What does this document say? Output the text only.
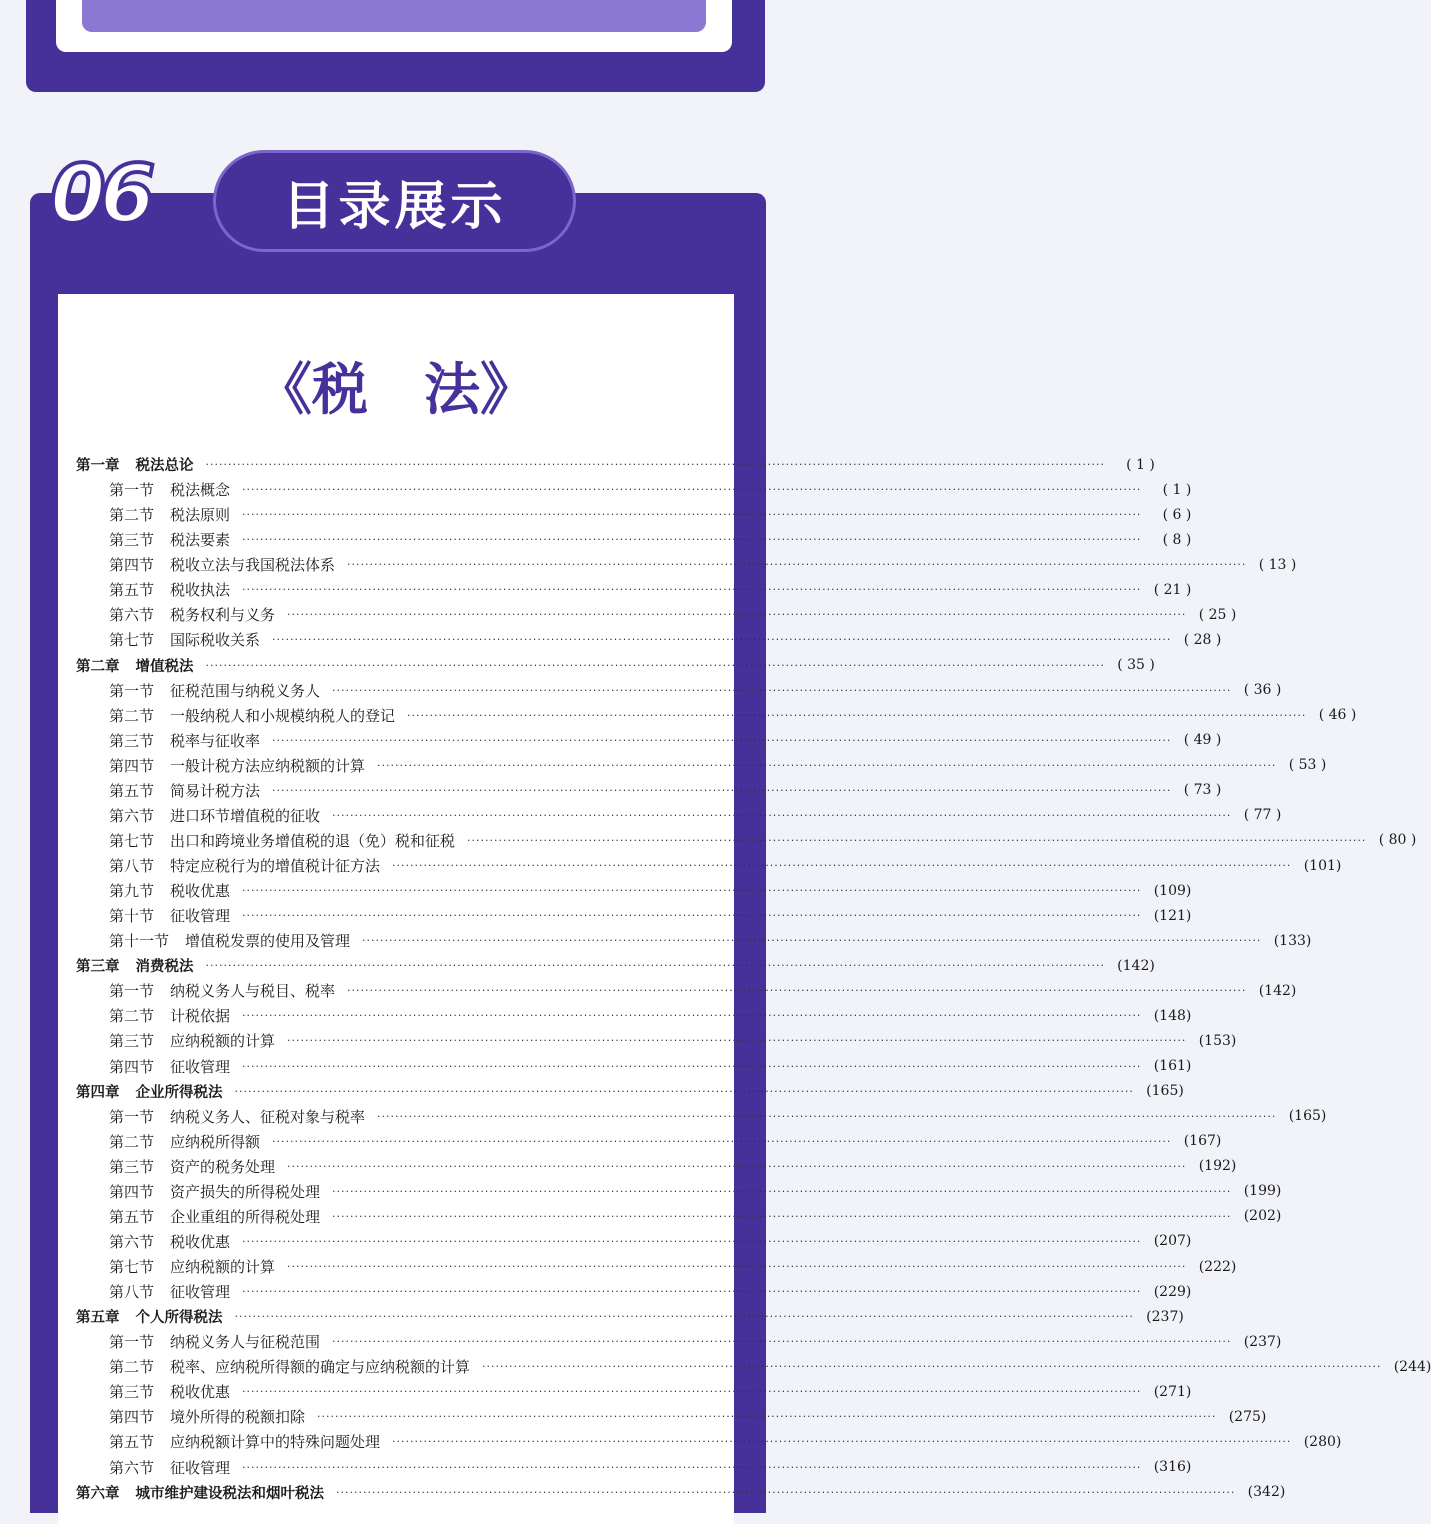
06	目录展示
《税　法》
第一章 税法总论 ········································································································································································································	( 1 )
第一节 税法概念 ········································································································································································································	( 1 )
第二节 税法原则 ········································································································································································································	( 6 )
第三节 税法要素 ········································································································································································································	( 8 )
第四节 税收立法与我国税法体系 ········································································································································································································ ( 13 )
第五节 税收执法 ········································································································································································································ ( 21 )
第六节 税务权利与义务 ········································································································································································································ ( 25 )
第七节 国际税收关系 ········································································································································································································ ( 28 )
第二章 增值税法 ········································································································································································································ ( 35 )
第一节 征税范围与纳税义务人 ········································································································································································································ ( 36 )
第二节 一般纳税人和小规模纳税人的登记 ········································································································································································································ ( 46 )
第三节 税率与征收率 ········································································································································································································ ( 49 )
第四节 一般计税方法应纳税额的计算 ········································································································································································································ ( 53 )
第五节 简易计税方法 ········································································································································································································ ( 73 )
第六节 进口环节增值税的征收 ········································································································································································································ ( 77 )
第七节 出口和跨境业务增值税的退（免）税和征税 ········································································································································································································ ( 80 )
第八节 特定应税行为的增值税计征方法 ········································································································································································································ (101)
第九节 税收优惠 ········································································································································································································ (109)
第十节 征收管理 ········································································································································································································ (121)
第十一节 增值税发票的使用及管理 ········································································································································································································ (133)
第三章 消费税法 ········································································································································································································ (142)
第一节 纳税义务人与税目、税率 ········································································································································································································ (142)
第二节 计税依据 ········································································································································································································ (148)
第三节 应纳税额的计算 ········································································································································································································ (153)
第四节 征收管理 ········································································································································································································ (161)
第四章 企业所得税法 ········································································································································································································ (165)
第一节 纳税义务人、征税对象与税率 ········································································································································································································ (165)
第二节 应纳税所得额 ········································································································································································································ (167)
第三节 资产的税务处理 ········································································································································································································ (192)
第四节 资产损失的所得税处理 ········································································································································································································ (199)
第五节 企业重组的所得税处理 ········································································································································································································ (202)
第六节 税收优惠 ········································································································································································································ (207)
第七节 应纳税额的计算 ········································································································································································································ (222)
第八节 征收管理 ········································································································································································································ (229)
第五章 个人所得税法 ········································································································································································································ (237)
第一节 纳税义务人与征税范围 ········································································································································································································ (237)
第二节 税率、应纳税所得额的确定与应纳税额的计算 ········································································································································································································ (244)
第三节 税收优惠 ········································································································································································································ (271)
第四节 境外所得的税额扣除 ········································································································································································································ (275)
第五节 应纳税额计算中的特殊问题处理 ········································································································································································································ (280)
第六节 征收管理 ········································································································································································································ (316)
第六章 城市维护建设税法和烟叶税法 ········································································································································································································ (342)
